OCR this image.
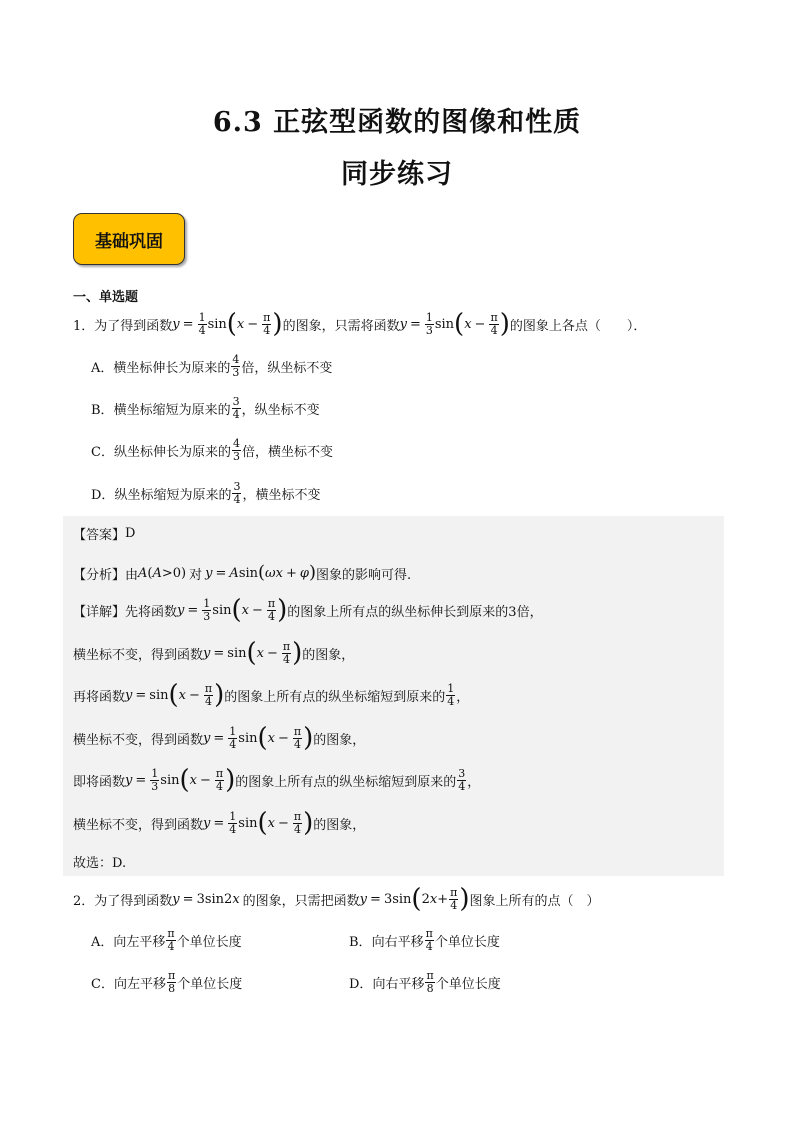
6.3 正弦型函数的图像和性质
同步练习
基础巩固
一、单选题
1． 为了得到函数 $y = \frac{1}{4}$ sin ( $x - \frac{\pi}{4}$ ) 的图象，只需将函数 $y = \frac{1}{3}$ sin ( $x - \frac{\pi}{4}$ ) 的图象上各点（　　）．
A． 横坐标伸长为原来的 $\frac{4}{3}$ 倍，纵坐标不变
B． 横坐标缩短为原来的 $\frac{3}{4}$ ，纵坐标不变
C． 纵坐标伸长为原来的 $\frac{4}{3}$ 倍，横坐标不变
D． 纵坐标缩短为原来的 $\frac{3}{4}$ ，横坐标不变
【答案】 D
【分析】 由 A ( A >0) 对 y = A sin ( ωx + φ ) 图象的影响可得.
【详解】 先将函数 $y = \frac{1}{3}$ sin ( $x - \frac{\pi}{4}$ ) 的图象上所有点的纵坐标伸长到原来的3倍，
横坐标不变，得到函数 y = sin ( $x - \frac{\pi}{4}$ ) 的图象，
再将函数 y = sin ( $x - \frac{\pi}{4}$ ) 的图象上所有点的纵坐标缩短到原来的 $\frac{1}{4}$ ，
横坐标不变，得到函数 $y = \frac{1}{4}$ sin ( $x - \frac{\pi}{4}$ ) 的图象，
即将函数 $y = \frac{1}{3}$ sin ( $x - \frac{\pi}{4}$ ) 的图象上所有点的纵坐标缩短到原来的 $\frac{3}{4}$ ，
横坐标不变，得到函数 $y = \frac{1}{4}$ sin ( $x - \frac{\pi}{4}$ ) 的图象，
故选：D.
2． 为了得到函数 y = 3sin2 x 的图象，只需把函数 y = 3sin ( 2 $x + \frac{\pi}{4}$ ) 图象上所有的点（　）
A． 向左平移 $\frac{\pi}{4}$ 个单位长度	B． 向右平移 $\frac{\pi}{4}$ 个单位长度
C． 向左平移 $\frac{\pi}{8}$ 个单位长度	D． 向右平移 $\frac{\pi}{8}$ 个单位长度
